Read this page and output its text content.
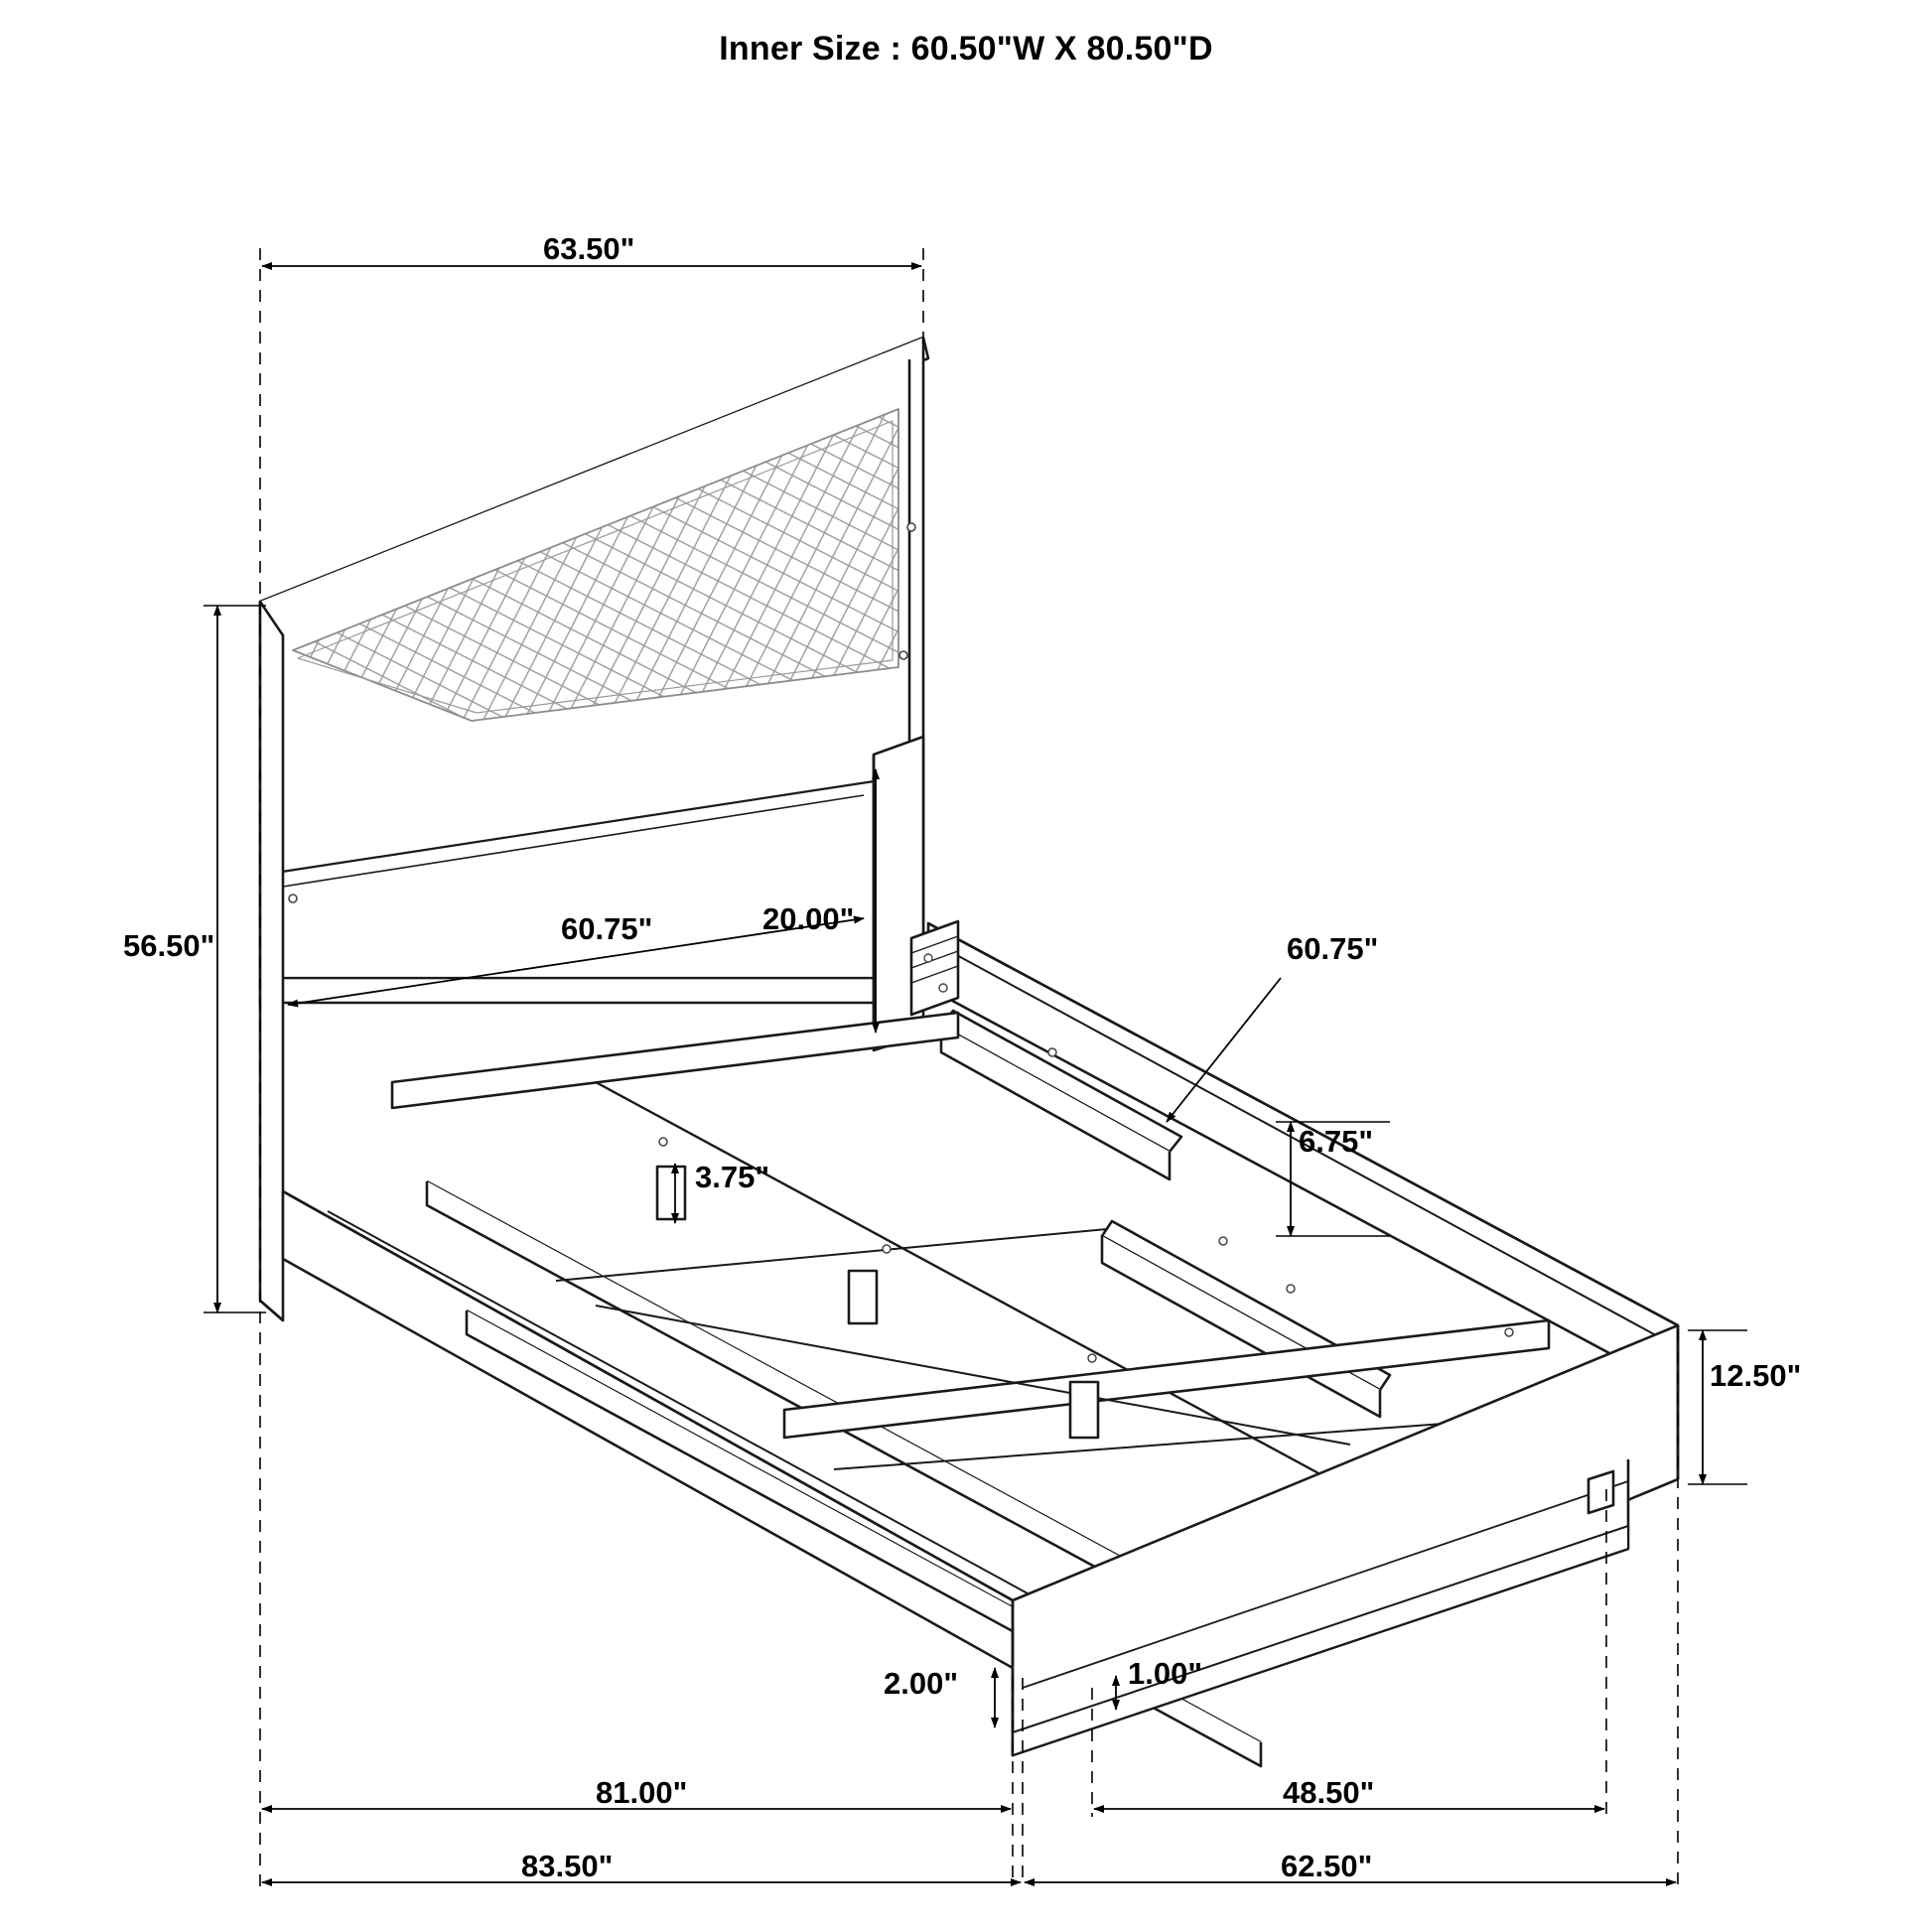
Inner Size : 60.50"W X 80.50"D
63.50"
56.50"	60.75"	20.00"
60.75"
6.75"
3.75"
12.50"
2.00"	1.00"
81.00"
83.50"
48.50"
62.50"
